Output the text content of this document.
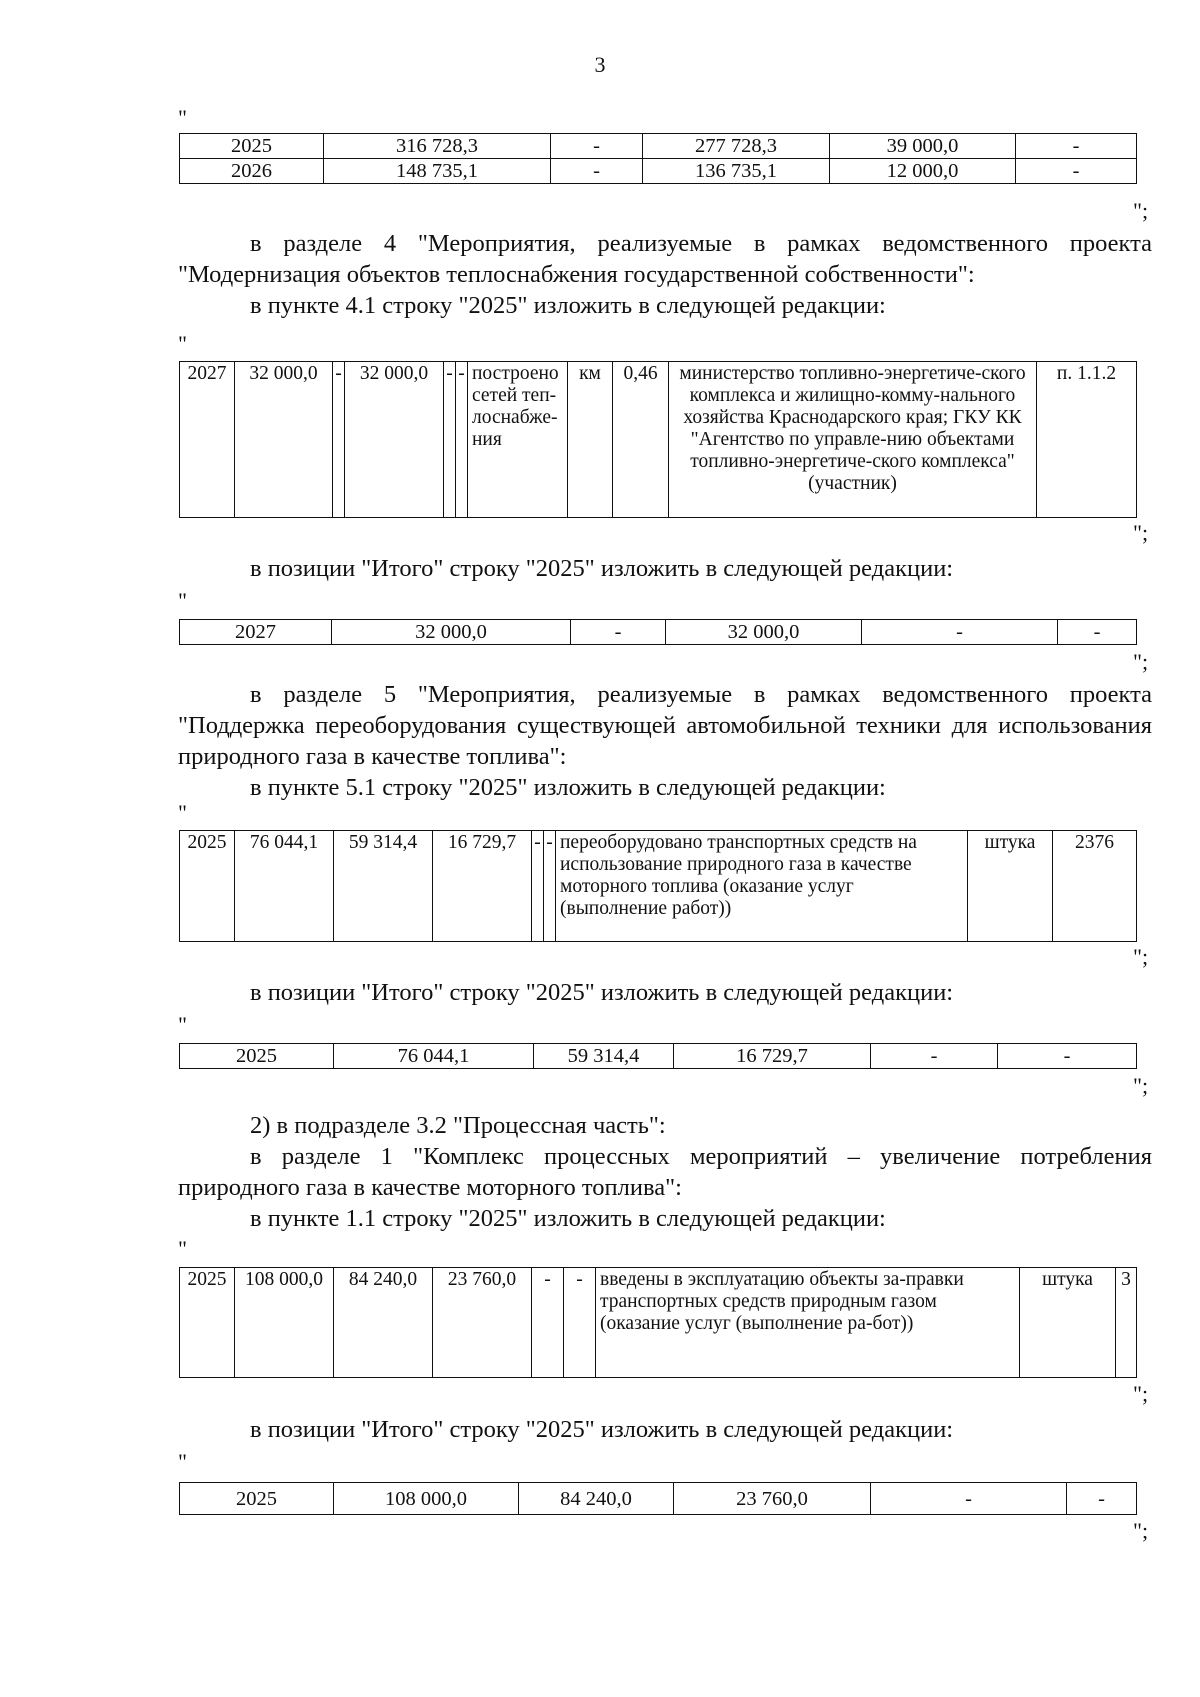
3
"
2025	316 728,3	-	277 728,3	39 000,0	-
2026	148 735,1	-	136 735,1	12 000,0	-
";

в разделе 4 "Мероприятия, реализуемые в рамках ведомственного проекта "Модернизация объектов теплоснабжения государственной собственности":

в пункте 4.1 строку "2025" изложить в следующей редакции:

"
2027	32 000,0	-	32 000,0	-	-	построено сетей теп-лоснабже-ния	км	0,46	министерство топливно-энергетиче-ского комплекса и жилищно-комму-нального хозяйства Краснодарского края; ГКУ КК "Агентство по управле-нию объектами топливно-энергетиче-ского комплекса" (участник)	п. 1.1.2
";

в позиции "Итого" строку "2025" изложить в следующей редакции:

"
2027	32 000,0	-	32 000,0	-	-
";

в разделе 5 "Мероприятия, реализуемые в рамках ведомственного проекта "Поддержка переоборудования существующей автомобильной техники для использования природного газа в качестве топлива":

в пункте 5.1 строку "2025" изложить в следующей редакции:

"
2025	76 044,1	59 314,4	16 729,7	-	-	переоборудовано транспортных средств на использование природного газа в качестве моторного топлива (оказание услуг (выполнение работ))	штука	2376
";

в позиции "Итого" строку "2025" изложить в следующей редакции:

"
2025	76 044,1	59 314,4	16 729,7	-	-
";

2) в подразделе 3.2 "Процессная часть":

в разделе 1 "Комплекс процессных мероприятий – увеличение потребления природного газа в качестве моторного топлива":

в пункте 1.1 строку "2025" изложить в следующей редакции:

"
2025	108 000,0	84 240,0	23 760,0	-	-	введены в эксплуатацию объекты за-правки транспортных средств природным газом (оказание услуг (выполнение ра-бот))	штука	3
";

в позиции "Итого" строку "2025" изложить в следующей редакции:

"
2025	108 000,0	84 240,0	23 760,0	-	-
";
